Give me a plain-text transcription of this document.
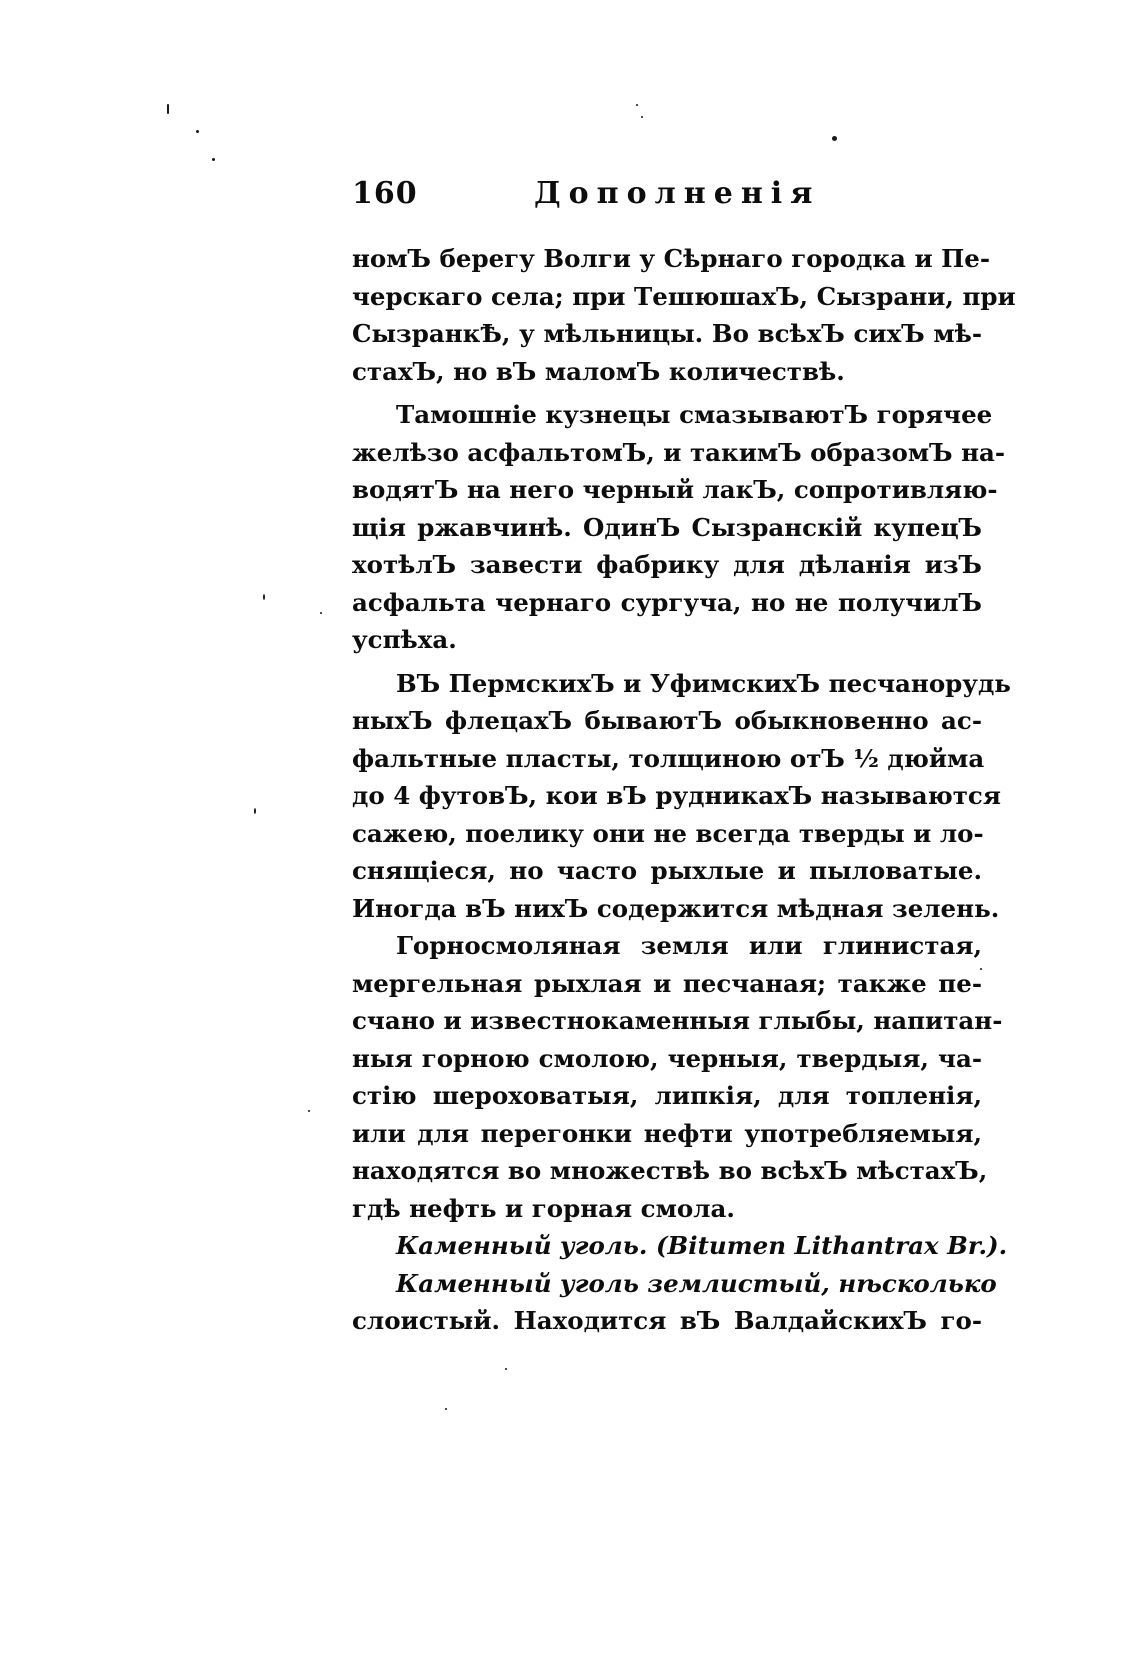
160	Дополненія
номЪ берегу Волги у Сѣрнаго городка и Пе-
черскаго села; при ТешюшахЪ, Сызрани, при
СызранкѢ, у мѣльницы. Во всѣхЪ сихЪ мѣ-
стахЪ, но вЪ маломЪ количествѣ.
Тамошніе кузнецы смазываютЪ горячее
желѣзо асфальтомЪ, и такимЪ образомЪ на-
водятЪ на него черный лакЪ, сопротивляю-
щія ржавчинѣ. ОдинЪ Сызранскій купецЪ
хотѣлЪ завести фабрику для дѣланія изЪ
асфальта чернаго сургуча, но не получилЪ
успѣха.
ВЪ ПермскихЪ и УфимскихЪ песчанорудь
ныхЪ флецахЪ бываютЪ обыкновенно ас-
фальтные пласты, толщиною отЪ ½ дюйма
до 4 футовЪ, кои вЪ рудникахЪ называются
сажею, поелику они не всегда тверды и ло-
снящіеся, но часто рыхлые и пыловатые.
Иногда вЪ нихЪ содержится мѣдная зелень.
Горносмоляная земля или глинистая,
мергельная рыхлая и песчаная; также пе-
счано и известнокаменныя глыбы, напитан-
ныя горною смолою, черныя, твердыя, ча-
стію шероховатыя, липкія, для топленія,
или для перегонки нефти употребляемыя,
находятся во множествѣ во всѣхЪ мѣстахЪ,
гдѣ нефть и горная смола.
Каменный уголь. (Bitumen Lithantrax Br.).
Каменный уголь землистый, нѣсколько
слоистый. Находится вЪ ВалдайскихЪ го-
